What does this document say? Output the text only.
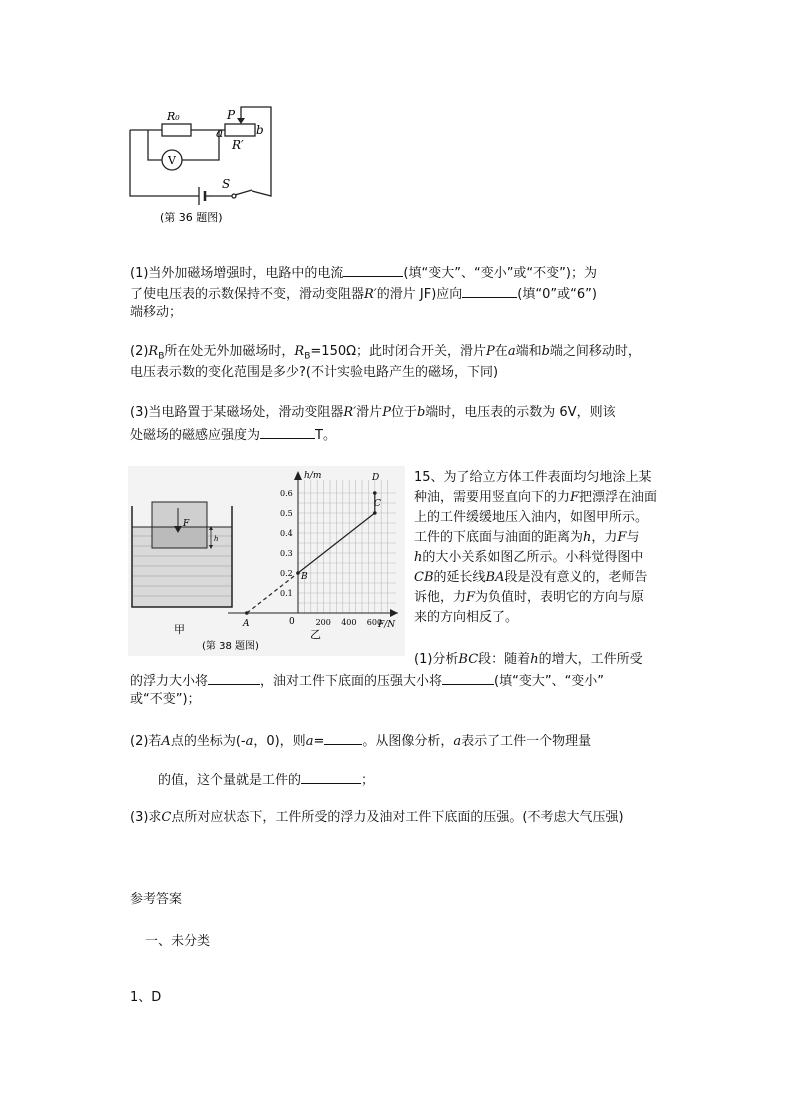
R₀	P
b
a
R′
V
S
(第 36 题图)
(1)当外加磁场增强时，电路中的电流	(填“变大”、“变小”或“不变”)；为
了使电压表的示数保持不变，滑动变阻器R′的滑片 JF)应向	(填“0”或“6”)
端移动；
$(2)R_B$所在处无外加磁场时，$R_B=150\Omega$；此时闭合开关，滑片P在a端和b端之间移动时，
电压表示数的变化范围是多少?(不计实验电路产生的磁场，下同)
(3)当电路置于某磁场处，滑动变阻器R′滑片P位于b端时，电压表的示数为 6V，则该
处磁场的磁感应强度为	T。
F
h
甲
(第 38 题图)
h/m
F/N
0
0.1
0.2
0.3
0.4
0.5
0.6
200 400 600
A
B
C
D
乙
15、为了给立方体工件表面均匀地涂上某
种油，需要用竖直向下的力F把漂浮在油面
上的工件缓缓地压入油内，如图甲所示。
工件的下底面与油面的距离为h，力F与
h的大小关系如图乙所示。小科觉得图中
CB的延长线BA段是没有意义的，老师告
诉他，力F为负值时，表明它的方向与原
来的方向相反了。
(1)分析BC段：随着h的增大，工件所受
的浮力大小将	，油对工件下底面的压强大小将	(填“变大”、“变小”
或“不变”)；
(2)若A点的坐标为(-a，0)，则a=	。从图像分析，a表示了工件一个物理量
的值，这个量就是工件的	；
(3)求C点所对应状态下，工件所受的浮力及油对工件下底面的压强。(不考虑大气压强)
参考答案
一、未分类
1、D
